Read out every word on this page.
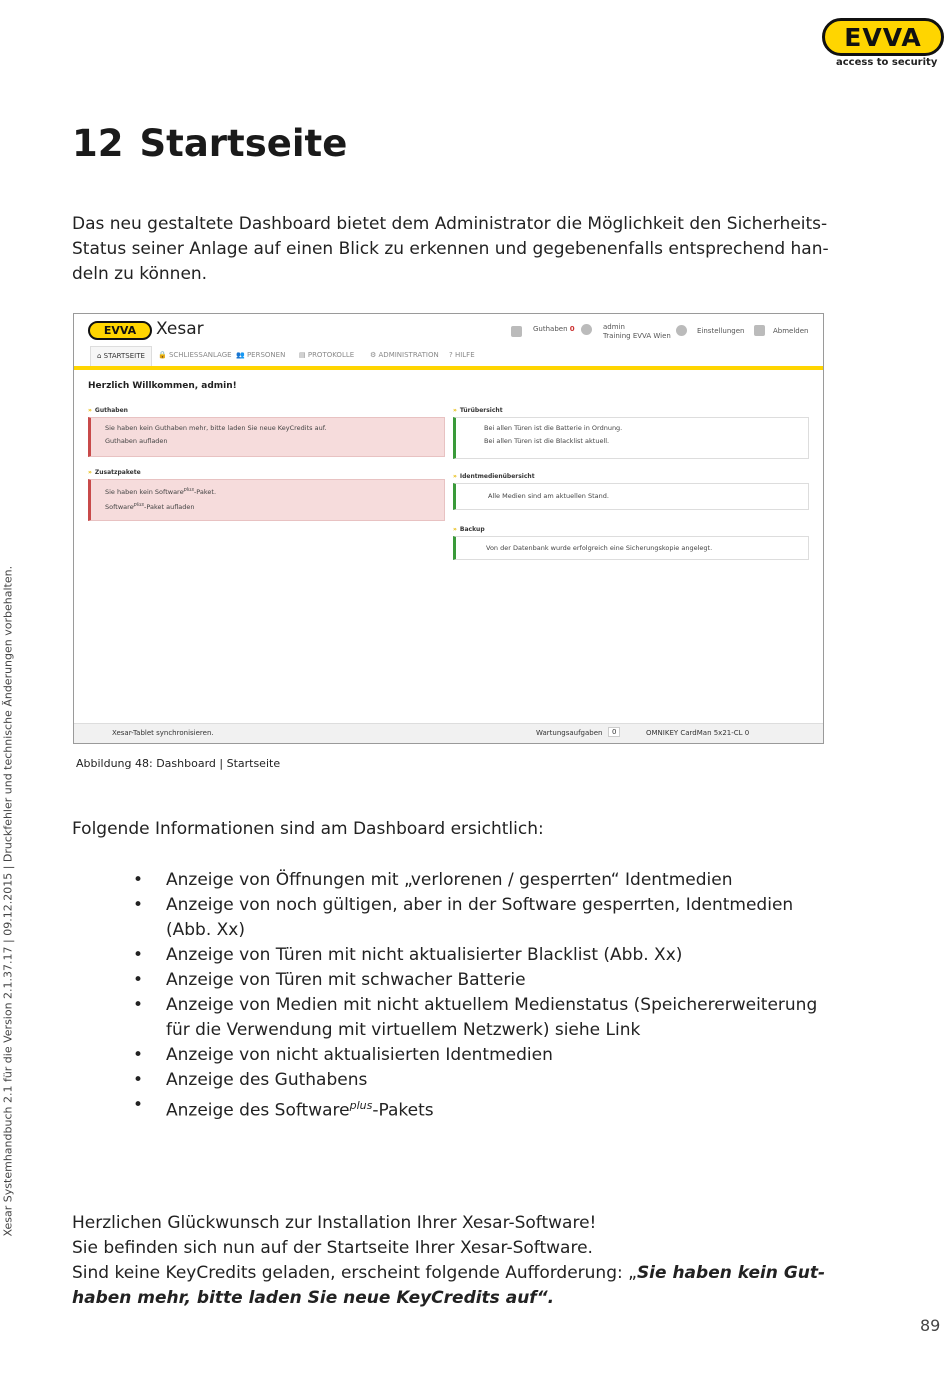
EVVA
access to security
Xesar Systemhandbuch 2.1 für die Version 2.1.37.17 | 09.12.2015 | Druckfehler und technische Änderungen vorbehalten.
12 Startseite
Das neu gestaltete Dashboard bietet dem Administrator die Möglichkeit den Sicherheits-
Status seiner Anlage auf einen Blick zu erkennen und gegebenenfalls entsprechend han-
deln zu können.
EVVA	Xesar	Guthaben 0	admin
Training EVVA Wien
Einstellungen	Abmelden
⌂ STARTSEITE	🔒 SCHLIESSANLAGE 👥 PERSONEN ▤ PROTOKOLLE ⚙ ADMINISTRATION ? HILFE
Herzlich Willkommen, admin!
» Guthaben
Sie haben kein Guthaben mehr, bitte laden Sie neue KeyCredits auf.
Guthaben aufladen
» Zusatzpakete
Sie haben kein Software$^{plus}$-Paket.
Software$^{plus}$-Paket aufladen
» Türübersicht
Bei allen Türen ist die Batterie in Ordnung.
Bei allen Türen ist die Blacklist aktuell.
» Identmedienübersicht
Alle Medien sind am aktuellen Stand.
» Backup
Von der Datenbank wurde erfolgreich eine Sicherungskopie angelegt.
Xesar-Tablet synchronisieren.	Wartungsaufgaben	0	OMNIKEY CardMan 5x21-CL 0
Abbildung 48: Dashboard | Startseite
Folgende Informationen sind am Dashboard ersichtlich:
• Anzeige von Öffnungen mit „verlorenen / gesperrten“ Identmedien
• Anzeige von noch gültigen, aber in der Software gesperrten, Identmedien
(Abb. Xx)
• Anzeige von Türen mit nicht aktualisierter Blacklist (Abb. Xx)
• Anzeige von Türen mit schwacher Batterie
• Anzeige von Medien mit nicht aktuellem Medienstatus (Speichererweiterung
für die Verwendung mit virtuellem Netzwerk) siehe Link
• Anzeige von nicht aktualisierten Identmedien
• Anzeige des Guthabens
• Anzeige des Software$^{plus}$-Pakets
Herzlichen Glückwunsch zur Installation Ihrer Xesar-Software!
Sie befinden sich nun auf der Startseite Ihrer Xesar-Software.
Sind keine KeyCredits geladen, erscheint folgende Aufforderung: „Sie haben kein Gut-
haben mehr, bitte laden Sie neue KeyCredits auf“.
89
